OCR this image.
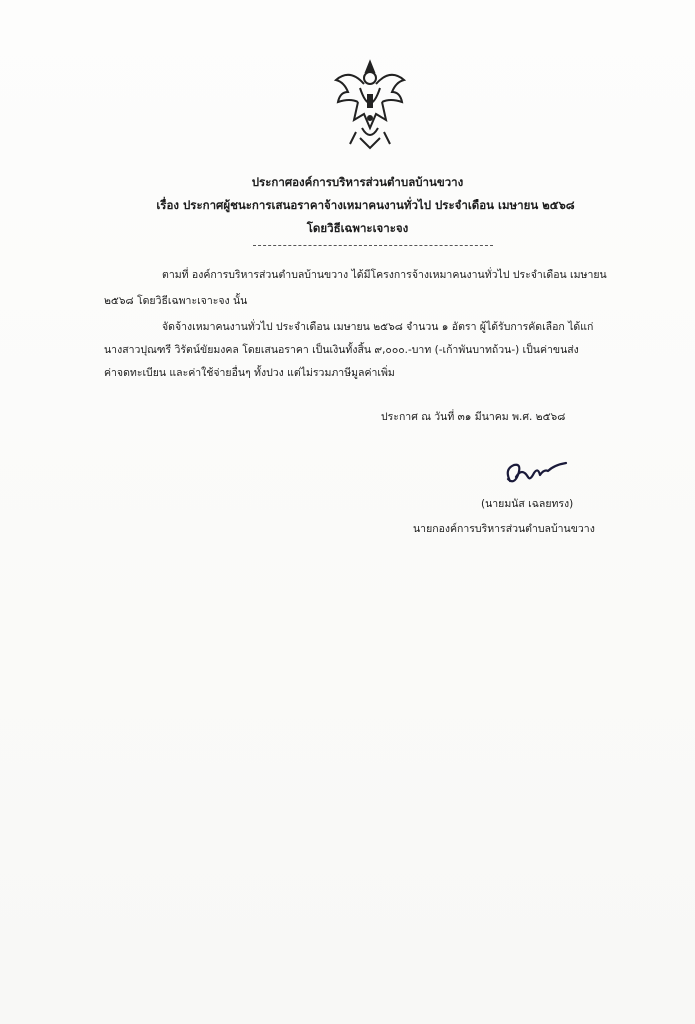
ประกาศองค์การบริหารส่วนตำบลบ้านขวาง
เรื่อง ประกาศผู้ชนะการเสนอราคาจ้างเหมาคนงานทั่วไป ประจำเดือน เมษายน ๒๕๖๘
โดยวิธีเฉพาะเจาะจง
ตามที่ องค์การบริหารส่วนตำบลบ้านขวาง ได้มีโครงการจ้างเหมาคนงานทั่วไป ประจำเดือน เมษายน
๒๕๖๘ โดยวิธีเฉพาะเจาะจง นั้น
จัดจ้างเหมาคนงานทั่วไป ประจำเดือน เมษายน ๒๕๖๘ จำนวน ๑ อัตรา ผู้ได้รับการคัดเลือก ได้แก่
นางสาวปุณฑรี วิรัตน์ขัยมงคล โดยเสนอราคา เป็นเงินทั้งสิ้น ๙,๐๐๐.-บาท (-เก้าพันบาทถ้วน-) เป็นค่าขนส่ง
ค่าจดทะเบียน และค่าใช้จ่ายอื่นๆ ทั้งปวง แต่ไม่รวมภาษีมูลค่าเพิ่ม
ประกาศ ณ วันที่ ๓๑ มีนาคม พ.ศ. ๒๕๖๘
(นายมนัส เฉลยทรง)
นายกองค์การบริหารส่วนตำบลบ้านขวาง
